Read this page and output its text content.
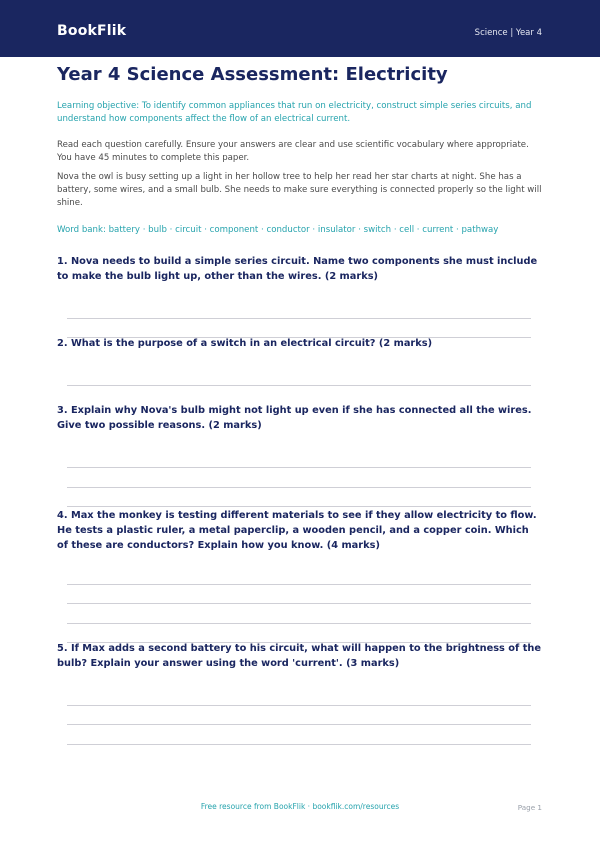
BookFlik	Science | Year 4
Year 4 Science Assessment: Electricity

Learning objective: To identify common appliances that run on electricity, construct simple series circuits, and understand how components affect the flow of an electrical current.

Read each question carefully. Ensure your answers are clear and use scientific vocabulary where appropriate. You have 45 minutes to complete this paper.

Nova the owl is busy setting up a light in her hollow tree to help her read her star charts at night. She has a battery, some wires, and a small bulb. She needs to make sure everything is connected properly so the light will shine.

Word bank: battery · bulb · circuit · component · conductor · insulator · switch · cell · current · pathway

1. Nova needs to build a simple series circuit. Name two components she must include to make the bulb light up, other than the wires. (2 marks)

2. What is the purpose of a switch in an electrical circuit? (2 marks)

3. Explain why Nova's bulb might not light up even if she has connected all the wires. Give two possible reasons. (2 marks)

4. Max the monkey is testing different materials to see if they allow electricity to flow. He tests a plastic ruler, a metal paperclip, a wooden pencil, and a copper coin. Which of these are conductors? Explain how you know. (4 marks)

5. If Max adds a second battery to his circuit, what will happen to the brightness of the bulb? Explain your answer using the word 'current'. (3 marks)

Free resource from BookFlik · bookflik.com/resources	Page 1
